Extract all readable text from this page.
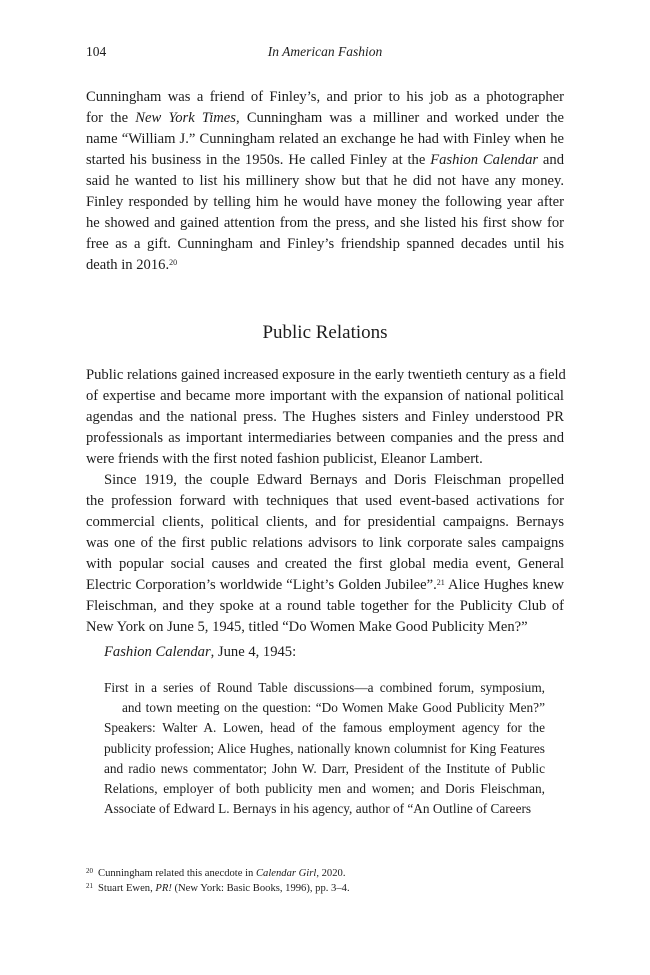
104	In American Fashion
Cunningham was a friend of Finley’s, and prior to his job as a photographer
for the New York Times, Cunningham was a milliner and worked under the
name “William J.” Cunningham related an exchange he had with Finley when he
started his business in the 1950s. He called Finley at the Fashion Calendar and
said he wanted to list his millinery show but that he did not have any money.
Finley responded by telling him he would have money the following year after
he showed and gained attention from the press, and she listed his first show for
free as a gift. Cunningham and Finley’s friendship spanned decades until his
death in 2016.20
Public Relations
Public relations gained increased exposure in the early twentieth century as a field
of expertise and became more important with the expansion of national political
agendas and the national press. The Hughes sisters and Finley understood PR
professionals as important intermediaries between companies and the press and
were friends with the first noted fashion publicist, Eleanor Lambert.
Since 1919, the couple Edward Bernays and Doris Fleischman propelled
the profession forward with techniques that used event-based activations for
commercial clients, political clients, and for presidential campaigns. Bernays
was one of the first public relations advisors to link corporate sales campaigns
with popular social causes and created the first global media event, General
Electric Corporation’s worldwide “Light’s Golden Jubilee”.$^{21}$ Alice Hughes knew
Fleischman, and they spoke at a round table together for the Publicity Club of
New York on June 5, 1945, titled “Do Women Make Good Publicity Men?”
Fashion Calendar, June 4, 1945:
First in a series of Round Table discussions—a combined forum, symposium,
and town meeting on the question: “Do Women Make Good Publicity Men?”
Speakers: Walter A. Lowen, head of the famous employment agency for the
publicity profession; Alice Hughes, nationally known columnist for King Features
and radio news commentator; John W. Darr, President of the Institute of Public
Relations, employer of both publicity men and women; and Doris Fleischman,
Associate of Edward L. Bernays in his agency, author of “An Outline of Careers
20 Cunningham related this anecdote in Calendar Girl, 2020.
21 Stuart Ewen, PR! (New York: Basic Books, 1996), pp. 3–4.
